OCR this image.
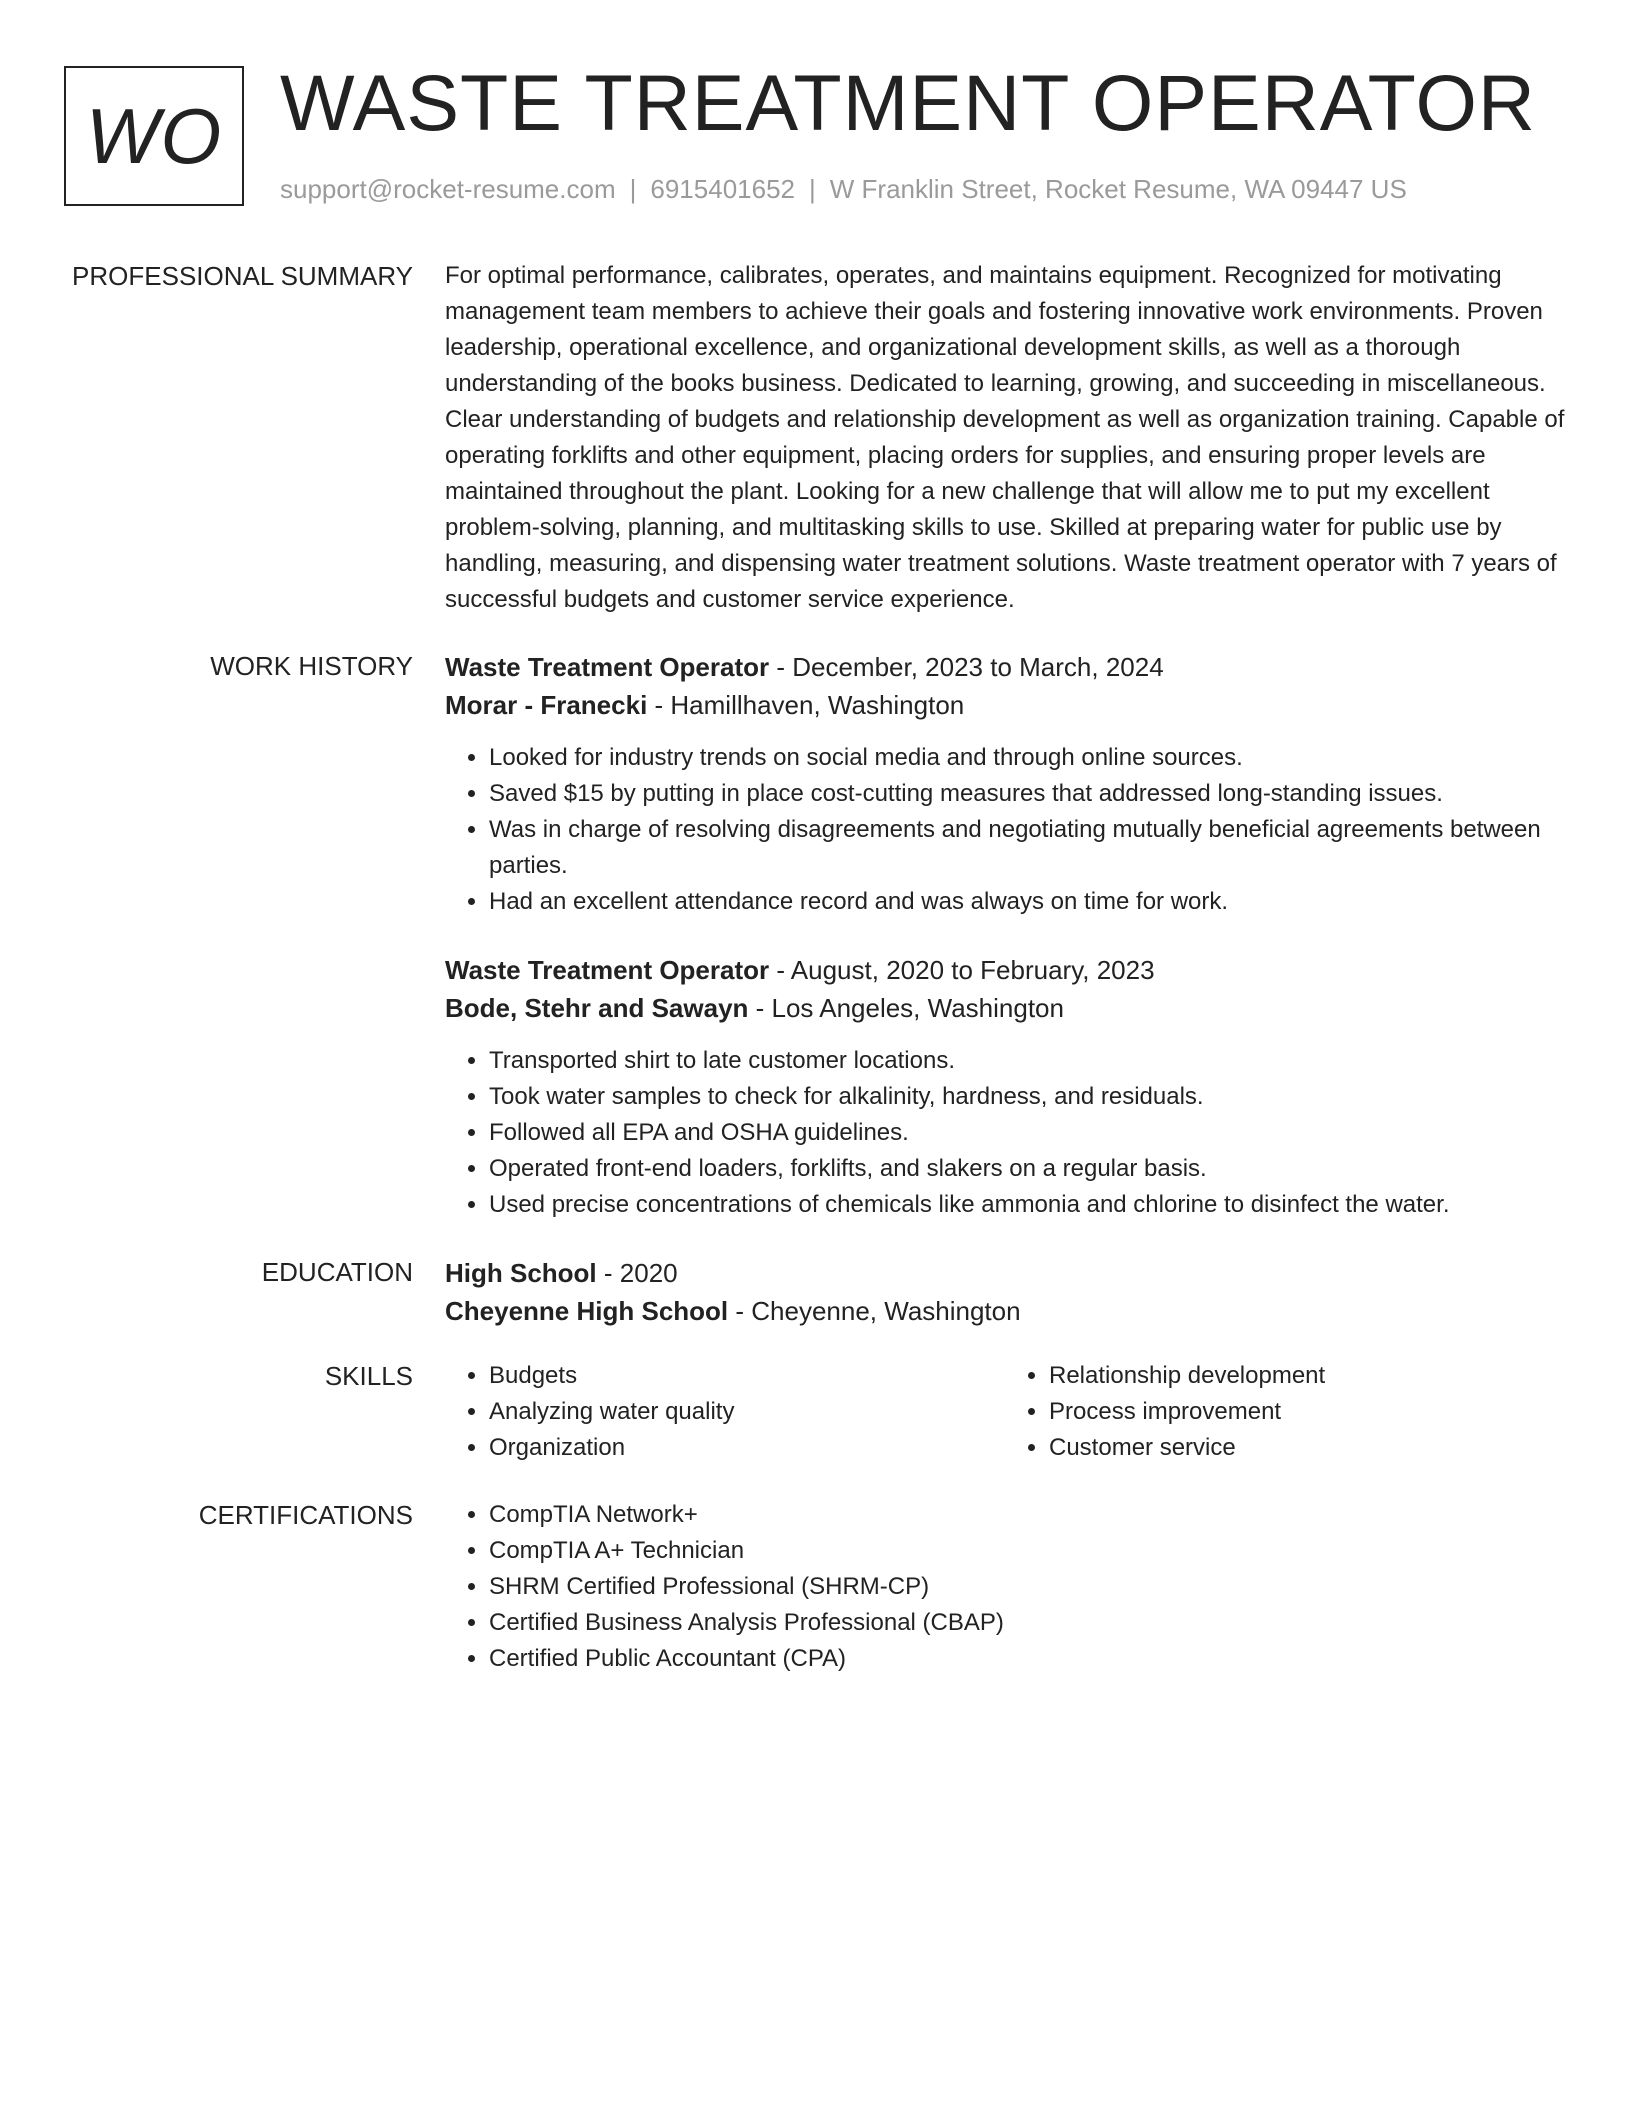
WO WASTE TREATMENT OPERATOR
support@rocket-resume.com | 6915401652 | W Franklin Street, Rocket Resume, WA 09447 US
PROFESSIONAL SUMMARY For optimal performance, calibrates, operates, and maintains equipment. Recognized for motivating management team members to achieve their goals and fostering innovative work environments. Proven leadership, operational excellence, and organizational development skills, as well as a thorough understanding of the books business. Dedicated to learning, growing, and succeeding in miscellaneous. Clear understanding of budgets and relationship development as well as organization training. Capable of operating forklifts and other equipment, placing orders for supplies, and ensuring proper levels are maintained throughout the plant. Looking for a new challenge that will allow me to put my excellent problem-solving, planning, and multitasking skills to use. Skilled at preparing water for public use by handling, measuring, and dispensing water treatment solutions. Waste treatment operator with 7 years of successful budgets and customer service experience.

WORK HISTORY Waste Treatment Operator - December, 2023 to March, 2024
Morar - Franecki - Hamillhaven, Washington
• Looked for industry trends on social media and through online sources.
• Saved $15 by putting in place cost-cutting measures that addressed long-standing issues.
• Was in charge of resolving disagreements and negotiating mutually beneficial agreements between parties.
• Had an excellent attendance record and was always on time for work.
Waste Treatment Operator - August, 2020 to February, 2023
Bode, Stehr and Sawayn - Los Angeles, Washington
• Transported shirt to late customer locations.
• Took water samples to check for alkalinity, hardness, and residuals.
• Followed all EPA and OSHA guidelines.
• Operated front-end loaders, forklifts, and slakers on a regular basis.
• Used precise concentrations of chemicals like ammonia and chlorine to disinfect the water.
EDUCATION High School - 2020
Cheyenne High School - Cheyenne, Washington
SKILLS	• Budgets
• Analyzing water quality
• Organization
• Relationship development
• Process improvement
• Customer service
CERTIFICATIONS	• CompTIA Network+
• CompTIA A+ Technician
• SHRM Certified Professional (SHRM-CP)
• Certified Business Analysis Professional (CBAP)
• Certified Public Accountant (CPA)
